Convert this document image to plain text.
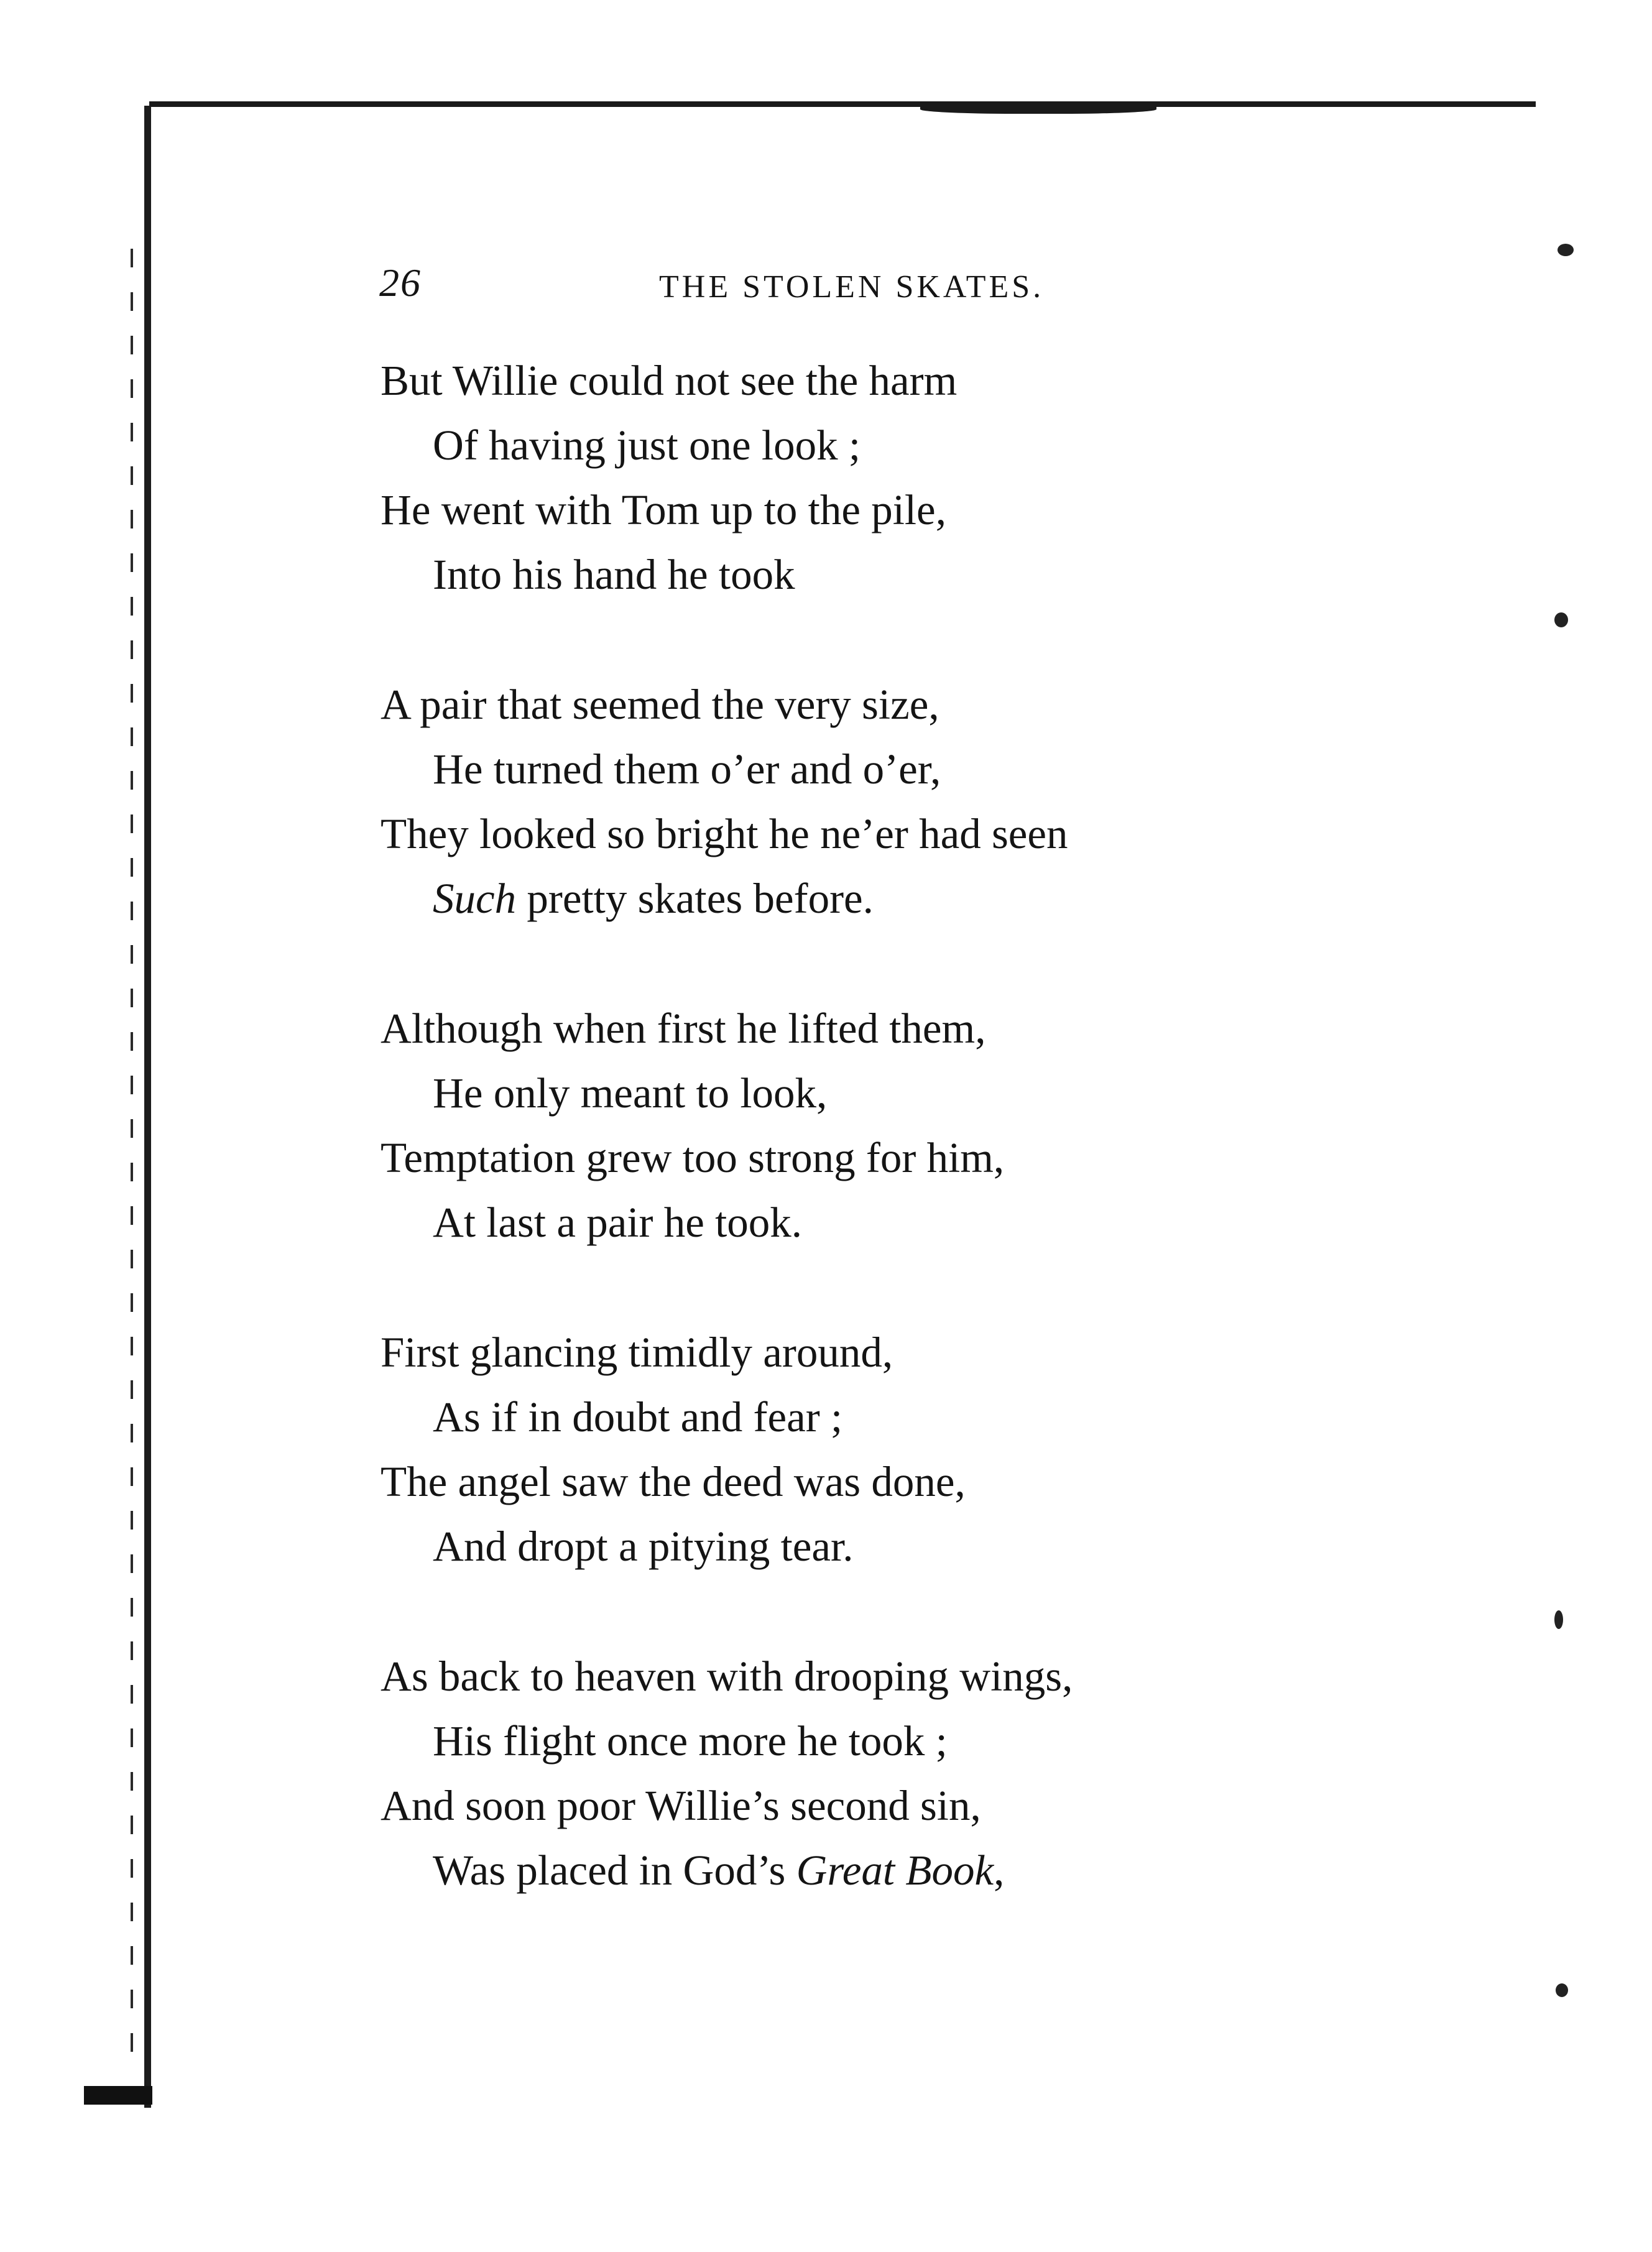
26	THE STOLEN SKATES.
But Willie could not see the harm
Of having just one look ;
He went with Tom up to the pile,
Into his hand he took
A pair that seemed the very size,
He turned them o’er and o’er,
They looked so bright he ne’er had seen
Such pretty skates before.
Although when first he lifted them,
He only meant to look,
Temptation grew too strong for him,
At last a pair he took.
First glancing timidly around,
As if in doubt and fear ;
The angel saw the deed was done,
And dropt a pitying tear.
As back to heaven with drooping wings,
His flight once more he took ;
And soon poor Willie’s second sin,
Was placed in God’s Great Book,
